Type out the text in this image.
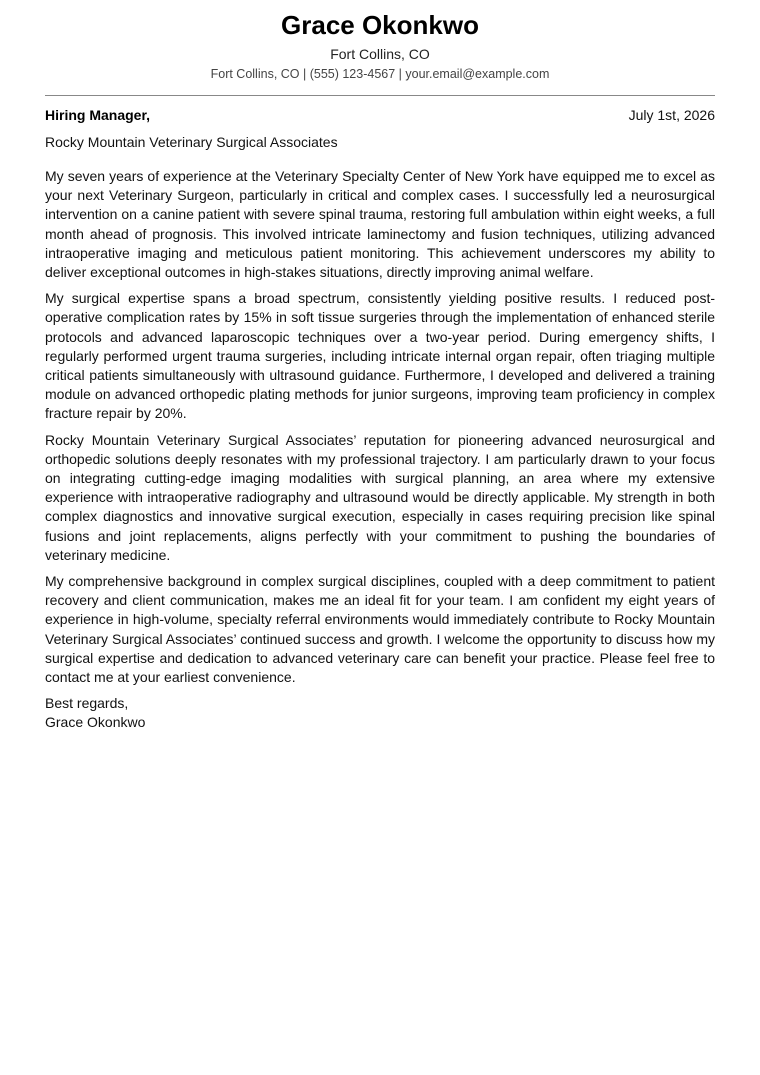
Grace Okonkwo
Fort Collins, CO
Fort Collins, CO | (555) 123-4567 | your.email@example.com
Hiring Manager,	July 1st, 2026
Rocky Mountain Veterinary Surgical Associates

My seven years of experience at the Veterinary Specialty Center of New York have equipped me to excel as your next Veterinary Surgeon, particularly in critical and complex cases. I successfully led a neurosurgical intervention on a canine patient with severe spinal trauma, restoring full ambulation within eight weeks, a full month ahead of prognosis. This involved intricate laminectomy and fusion techniques, utilizing advanced intraoperative imaging and meticulous patient monitoring. This achievement underscores my ability to deliver exceptional outcomes in high-stakes situations, directly improving animal welfare.

My surgical expertise spans a broad spectrum, consistently yielding positive results. I reduced post-operative complication rates by 15% in soft tissue surgeries through the implementation of enhanced sterile protocols and advanced laparoscopic techniques over a two-year period. During emergency shifts, I regularly performed urgent trauma surgeries, including intricate internal organ repair, often triaging multiple critical patients simultaneously with ultrasound guidance. Furthermore, I developed and delivered a training module on advanced orthopedic plating methods for junior surgeons, improving team proficiency in complex fracture repair by 20%.

Rocky Mountain Veterinary Surgical Associates’ reputation for pioneering advanced neurosurgical and orthopedic solutions deeply resonates with my professional trajectory. I am particularly drawn to your focus on integrating cutting-edge imaging modalities with surgical planning, an area where my extensive experience with intraoperative radiography and ultrasound would be directly applicable. My strength in both complex diagnostics and innovative surgical execution, especially in cases requiring precision like spinal fusions and joint replacements, aligns perfectly with your commitment to pushing the boundaries of veterinary medicine.

My comprehensive background in complex surgical disciplines, coupled with a deep commitment to patient recovery and client communication, makes me an ideal fit for your team. I am confident my eight years of experience in high-volume, specialty referral environments would immediately contribute to Rocky Mountain Veterinary Surgical Associates’ continued success and growth. I welcome the opportunity to discuss how my surgical expertise and dedication to advanced veterinary care can benefit your practice. Please feel free to contact me at your earliest convenience.

Best regards,
Grace Okonkwo
